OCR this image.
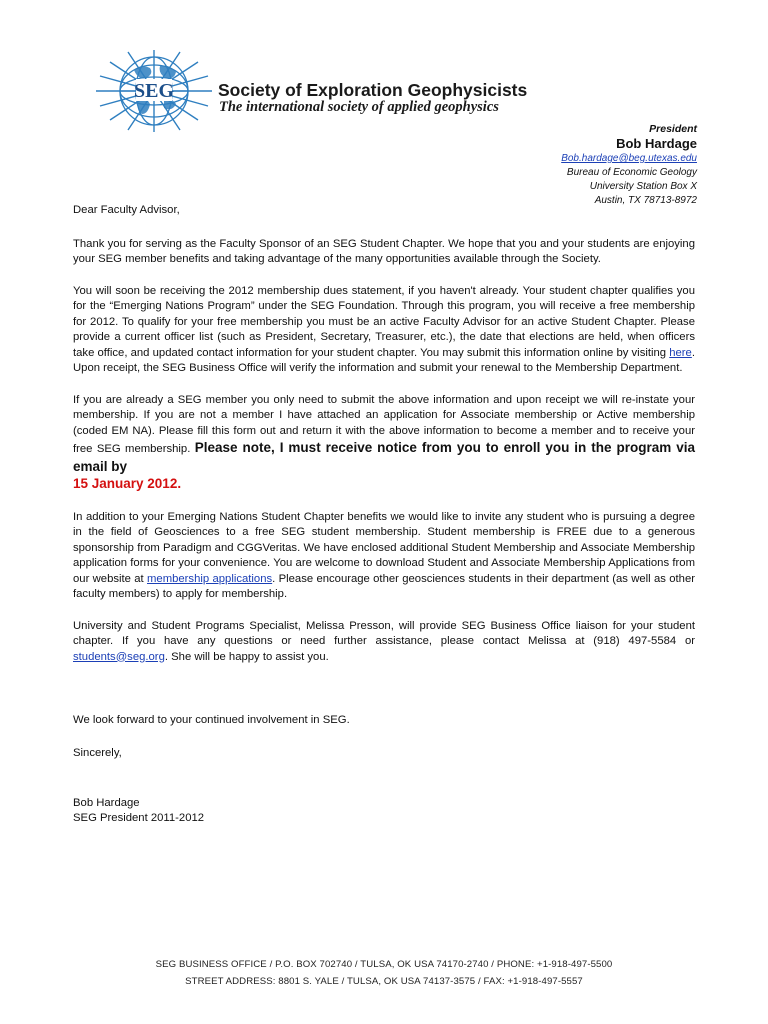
SEG	Society of Exploration Geophysicists
The international society of applied geophysics
President
Bob Hardage
Bob.hardage@beg.utexas.edu
Bureau of Economic Geology
University Station Box X
Austin, TX 78713-8972

Dear Faculty Advisor,

Thank you for serving as the Faculty Sponsor of an SEG Student Chapter. We hope that you and your students are enjoying your SEG member benefits and taking advantage of the many opportunities available through the Society.

You will soon be receiving the 2012 membership dues statement, if you haven't already. Your student chapter qualifies you for the “Emerging Nations Program” under the SEG Foundation. Through this program, you will receive a free membership for 2012. To qualify for your free membership you must be an active Faculty Advisor for an active Student Chapter. Please provide a current officer list (such as President, Secretary, Treasurer, etc.), the date that elections are held, when officers take office, and updated contact information for your student chapter. You may submit this information online by visiting here. Upon receipt, the SEG Business Office will verify the information and submit your renewal to the Membership Department.

If you are already a SEG member you only need to submit the above information and upon receipt we will re-instate your membership. If you are not a member I have attached an application for Associate membership or Active membership (coded EM NA). Please fill this form out and return it with the above information to become a member and to receive your free SEG membership. Please note, I must receive notice from you to enroll you in the program via email by
15 January 2012.

In addition to your Emerging Nations Student Chapter benefits we would like to invite any student who is pursuing a degree in the field of Geosciences to a free SEG student membership. Student membership is FREE due to a generous sponsorship from Paradigm and CGGVeritas. We have enclosed additional Student Membership and Associate Membership application forms for your convenience. You are welcome to download Student and Associate Membership Applications from our website at membership applications. Please encourage other geosciences students in their department (as well as other faculty members) to apply for membership.

University and Student Programs Specialist, Melissa Presson, will provide SEG Business Office liaison for your student chapter. If you have any questions or need further assistance, please contact Melissa at (918) 497-5584 or students@seg.org. She will be happy to assist you.

We look forward to your continued involvement in SEG.
Sincerely,
Bob Hardage
SEG President 2011-2012
SEG BUSINESS OFFICE / P.O. BOX 702740 / TULSA, OK USA 74170-2740 / PHONE: +1-918-497-5500
STREET ADDRESS: 8801 S. YALE / TULSA, OK USA 74137-3575 / FAX: +1-918-497-5557
